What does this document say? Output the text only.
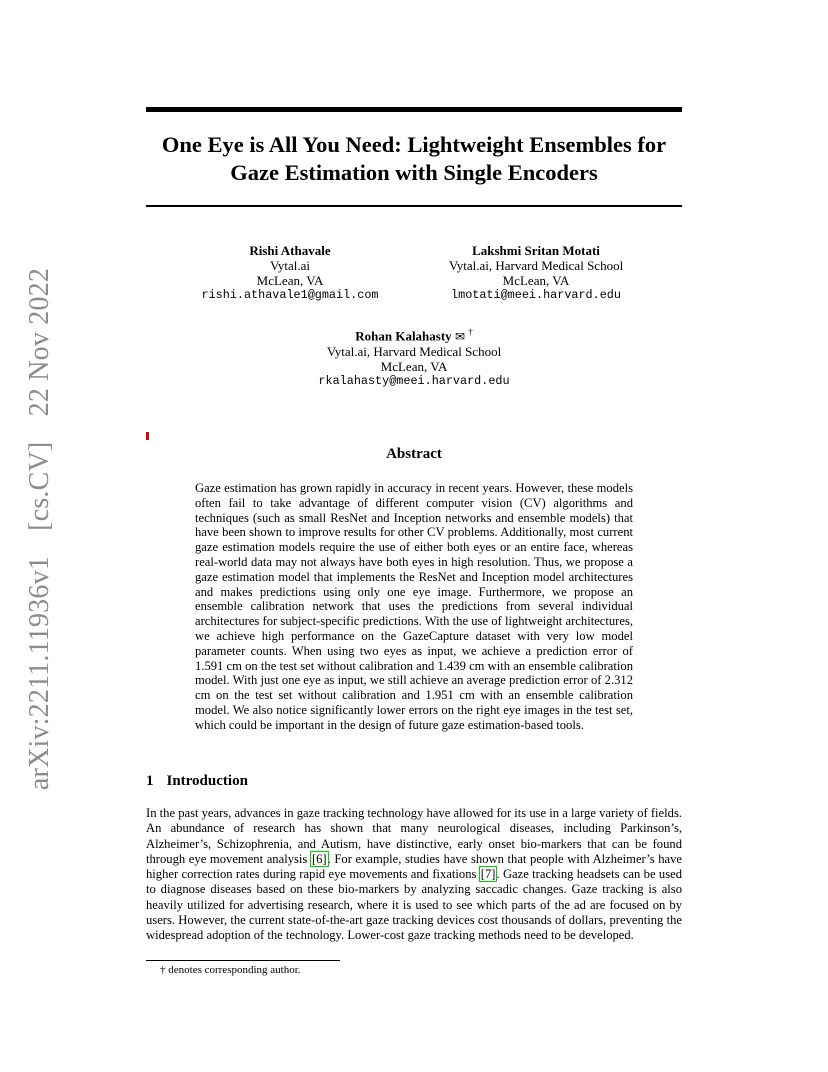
arXiv:2211.11936v1 [cs.CV] 22 Nov 2022
One Eye is All You Need: Lightweight Ensembles for Gaze Estimation with Single Encoders
Rishi Athavale
Vytal.ai
McLean, VA
rishi.athavale1@gmail.com
Lakshmi Sritan Motati
Vytal.ai, Harvard Medical School
McLean, VA
lmotati@meei.harvard.edu
Rohan Kalahasty ✉ †
Vytal.ai, Harvard Medical School
McLean, VA
rkalahasty@meei.harvard.edu
Abstract

Gaze estimation has grown rapidly in accuracy in recent years. However, these models often fail to take advantage of different computer vision (CV) algorithms and techniques (such as small ResNet and Inception networks and ensemble models) that have been shown to improve results for other CV problems. Additionally, most current gaze estimation models require the use of either both eyes or an entire face, whereas real-world data may not always have both eyes in high resolution. Thus, we propose a gaze estimation model that implements the ResNet and Inception model architectures and makes predictions using only one eye image. Furthermore, we propose an ensemble calibration network that uses the predictions from several individual architectures for subject-specific predictions. With the use of lightweight architectures, we achieve high performance on the GazeCapture dataset with very low model parameter counts. When using two eyes as input, we achieve a prediction error of 1.591 cm on the test set without calibration and 1.439 cm with an ensemble calibration model. With just one eye as input, we still achieve an average prediction error of 2.312 cm on the test set without calibration and 1.951 cm with an ensemble calibration model. We also notice significantly lower errors on the right eye images in the test set, which could be important in the design of future gaze estimation-based tools.

1 Introduction

In the past years, advances in gaze tracking technology have allowed for its use in a large variety of fields. An abundance of research has shown that many neurological diseases, including Parkinson’s, Alzheimer’s, Schizophrenia, and Autism, have distinctive, early onset bio-markers that can be found through eye movement analysis [6]. For example, studies have shown that people with Alzheimer’s have higher correction rates during rapid eye movements and fixations [7]. Gaze tracking headsets can be used to diagnose diseases based on these bio-markers by analyzing saccadic changes. Gaze tracking is also heavily utilized for advertising research, where it is used to see which parts of the ad are focused on by users. However, the current state-of-the-art gaze tracking devices cost thousands of dollars, preventing the widespread adoption of the technology. Lower-cost gaze tracking methods need to be developed.

† denotes corresponding author.
